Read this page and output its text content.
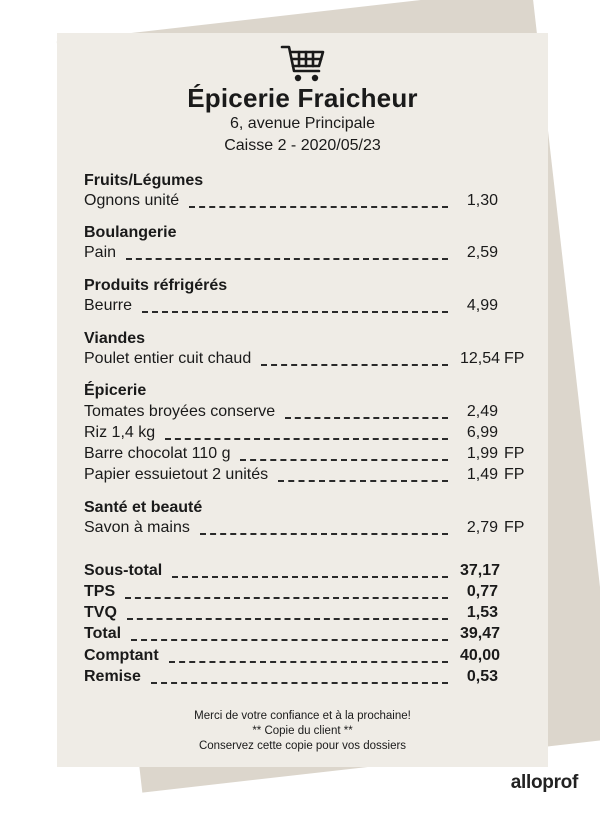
Épicerie Fraicheur
6, avenue Principale
Caisse 2 - 2020/05/23
Fruits/Légumes
Ognons unité	1,30
Boulangerie
Pain	2,59
Produits réfrigérés
Beurre	4,99
Viandes
Poulet entier cuit chaud	12,54 FP
Épicerie
Tomates broyées conserve	2,49
Riz 1,4 kg	6,99
Barre chocolat 110 g	1,99 FP
Papier essuietout 2 unités	1,49 FP
Santé et beauté
Savon à mains	2,79 FP
Sous-total	37,17
TPS	0,77
TVQ	1,53
Total	39,47
Comptant	40,00
Remise	0,53
Merci de votre confiance et à la prochaine!
** Copie du client **
Conservez cette copie pour vos dossiers
alloprof
